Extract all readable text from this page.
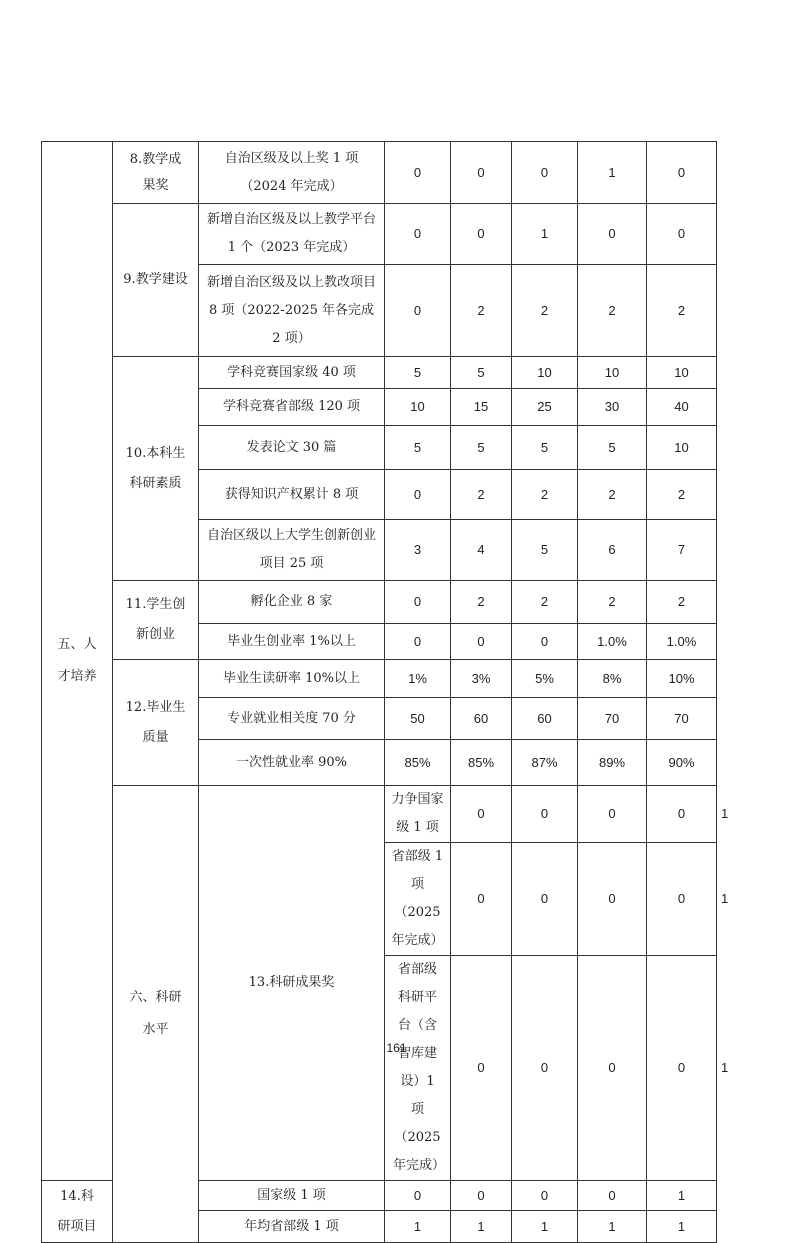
五、人才培养	8.教学成果奖	自治区级及以上奖 1 项（2024 年完成）	0	0	0	1	0	
	9.教学建设	新增自治区级及以上教学平台 1 个（2023 年完成）	0	0	1	0	0	
		新增自治区级及以上教改项目 8 项（2022-2025 年各完成 2 项）	0	2	2	2	2	
	10.本科生科研素质	学科竞赛国家级 40 项	5	5	10	10	10	
		学科竞赛省部级 120 项	10	15	25	30	40	
		发表论文 30 篇	5	5	5	5	10	
		获得知识产权累计 8 项	0	2	2	2	2	
		自治区级以上大学生创新创业项目 25 项	3	4	5	6	7	
	11.学生创新创业	孵化企业 8 家	0	2	2	2	2	
		毕业生创业率 1%以上	0	0	0	1.0%	1.0%	
	12.毕业生质量	毕业生读研率 10%以上	1%	3%	5%	8%	10%	
		专业就业相关度 70 分	50	60	60	70	70	
		一次性就业率 90%	85%	85%	87%	89%	90%	
	六、科研水平	13.科研成果奖	力争国家级 1 项	0	0	0	0	1
			省部级 1 项（2025 年完成）	0	0	0	0	1
			省部级科研平台（含智库建设）1 项（2025 年完成）	0	0	0	0	1
14.科研项目		国家级 1 项	0	0	0	0	1	
		年均省部级 1 项	1	1	1	1	1	
161
